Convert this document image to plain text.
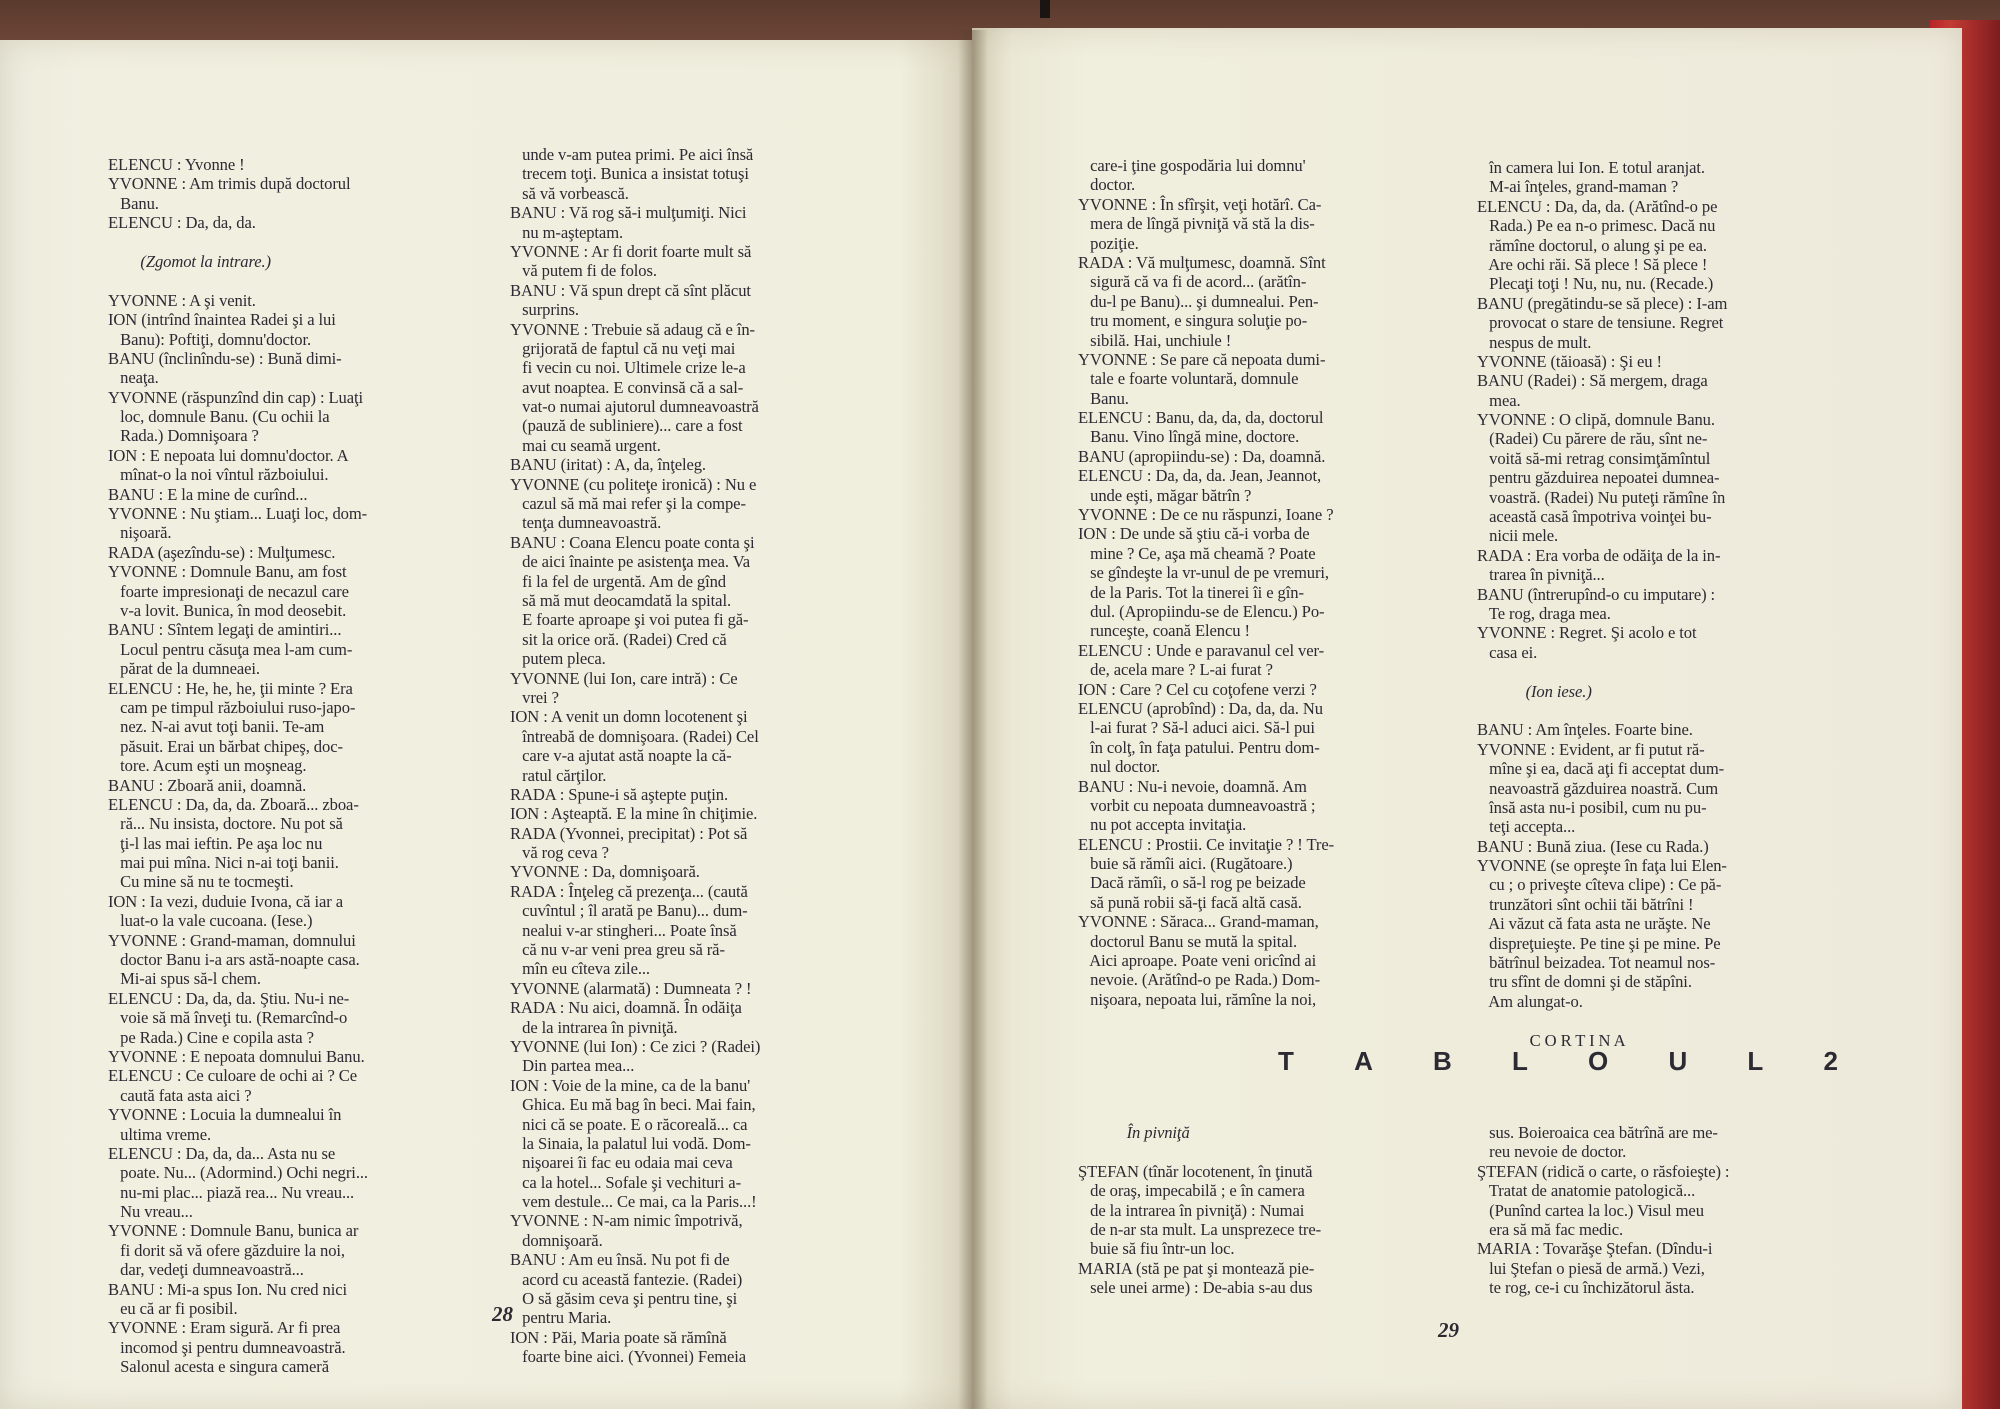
ELENCU : Yvonne !
YVONNE : Am trimis după doctorul
Banu.
ELENCU : Da, da, da.
(Zgomot la intrare.)
YVONNE : A şi venit.
ION (intrînd înaintea Radei şi a lui
Banu): Poftiţi, domnu'doctor.
BANU (înclinîndu-se) : Bună dimi-
neaţa.
YVONNE (răspunzînd din cap) : Luaţi
loc, domnule Banu. (Cu ochii la
Rada.) Domnişoara ?
ION : E nepoata lui domnu'doctor. A
mînat-o la noi vîntul războiului.
BANU : E la mine de curînd...
YVONNE : Nu ştiam... Luaţi loc, dom-
nişoară.
RADA (aşezîndu-se) : Mulţumesc.
YVONNE : Domnule Banu, am fost
foarte impresionaţi de necazul care
v-a lovit. Bunica, în mod deosebit.
BANU : Sîntem legaţi de amintiri...
Locul pentru căsuţa mea l-am cum-
părat de la dumneaei.
ELENCU : He, he, he, ţii minte ? Era
cam pe timpul războiului ruso-japo-
nez. N-ai avut toţi banii. Te-am
păsuit. Erai un bărbat chipeş, doc-
tore. Acum eşti un moşneag.
BANU : Zboară anii, doamnă.
ELENCU : Da, da, da. Zboară... zboa-
ră... Nu insista, doctore. Nu pot să
ţi-l las mai ieftin. Pe aşa loc nu
mai pui mîna. Nici n-ai toţi banii.
Cu mine să nu te tocmeşti.
ION : Ia vezi, duduie Ivona, că iar a
luat-o la vale cucoana. (Iese.)
YVONNE : Grand-maman, domnului
doctor Banu i-a ars astă-noapte casa.
Mi-ai spus să-l chem.
ELENCU : Da, da, da. Ştiu. Nu-i ne-
voie să mă înveţi tu. (Remarcînd-o
pe Rada.) Cine e copila asta ?
YVONNE : E nepoata domnului Banu.
ELENCU : Ce culoare de ochi ai ? Ce
caută fata asta aici ?
YVONNE : Locuia la dumnealui în
ultima vreme.
ELENCU : Da, da, da... Asta nu se
poate. Nu... (Adormind.) Ochi negri...
nu-mi plac... piază rea... Nu vreau...
Nu vreau...
YVONNE : Domnule Banu, bunica ar
fi dorit să vă ofere găzduire la noi,
dar, vedeţi dumneavoastră...
BANU : Mi-a spus Ion. Nu cred nici
eu că ar fi posibil.
YVONNE : Eram sigură. Ar fi prea
incomod şi pentru dumneavoastră.
Salonul acesta e singura cameră
unde v-am putea primi. Pe aici însă
trecem toţi. Bunica a insistat totuşi
să vă vorbească.
BANU : Vă rog să-i mulţumiţi. Nici
nu m-aşteptam.
YVONNE : Ar fi dorit foarte mult să
vă putem fi de folos.
BANU : Vă spun drept că sînt plăcut
surprins.
YVONNE : Trebuie să adaug că e în-
grijorată de faptul că nu veţi mai
fi vecin cu noi. Ultimele crize le-a
avut noaptea. E convinsă că a sal-
vat-o numai ajutorul dumneavoastră
(pauză de subliniere)... care a fost
mai cu seamă urgent.
BANU (iritat) : A, da, înţeleg.
YVONNE (cu politeţe ironică) : Nu e
cazul să mă mai refer şi la compe-
tenţa dumneavoastră.
BANU : Coana Elencu poate conta şi
de aici înainte pe asistenţa mea. Va
fi la fel de urgentă. Am de gînd
să mă mut deocamdată la spital.
E foarte aproape şi voi putea fi gă-
sit la orice oră. (Radei) Cred că
putem pleca.
YVONNE (lui Ion, care intră) : Ce
vrei ?
ION : A venit un domn locotenent şi
întreabă de domnişoara. (Radei) Cel
care v-a ajutat astă noapte la că-
ratul cărţilor.
RADA : Spune-i să aştepte puţin.
ION : Aşteaptă. E la mine în chiţimie.
RADA (Yvonnei, precipitat) : Pot să
vă rog ceva ?
YVONNE : Da, domnişoară.
RADA : Înţeleg că prezenţa... (caută
cuvîntul ; îl arată pe Banu)... dum-
nealui v-ar stingheri... Poate însă
că nu v-ar veni prea greu să ră-
mîn eu cîteva zile...
YVONNE (alarmată) : Dumneata ? !
RADA : Nu aici, doamnă. În odăiţa
de la intrarea în pivniţă.
YVONNE (lui Ion) : Ce zici ? (Radei)
Din partea mea...
ION : Voie de la mine, ca de la banu'
Ghica. Eu mă bag în beci. Mai fain,
nici că se poate. E o răcoreală... ca
la Sinaia, la palatul lui vodă. Dom-
nişoarei îi fac eu odaia mai ceva
ca la hotel... Sofale şi vechituri a-
vem destule... Ce mai, ca la Paris...!
YVONNE : N-am nimic împotrivă,
domnişoară.
BANU : Am eu însă. Nu pot fi de
acord cu această fantezie. (Radei)
O să găsim ceva şi pentru tine, şi
pentru Maria.
ION : Păi, Maria poate să rămînă
foarte bine aici. (Yvonnei) Femeia
28
care-i ţine gospodăria lui domnu'
doctor.
YVONNE : În sfîrşit, veţi hotărî. Ca-
mera de lîngă pivniţă vă stă la dis-
poziţie.
RADA : Vă mulţumesc, doamnă. Sînt
sigură că va fi de acord... (arătîn-
du-l pe Banu)... şi dumnealui. Pen-
tru moment, e singura soluţie po-
sibilă. Hai, unchiule !
YVONNE : Se pare că nepoata dumi-
tale e foarte voluntară, domnule
Banu.
ELENCU : Banu, da, da, da, doctorul
Banu. Vino lîngă mine, doctore.
BANU (apropiindu-se) : Da, doamnă.
ELENCU : Da, da, da. Jean, Jeannot,
unde eşti, măgar bătrîn ?
YVONNE : De ce nu răspunzi, Ioane ?
ION : De unde să ştiu că-i vorba de
mine ? Ce, aşa mă cheamă ? Poate
se gîndeşte la vr-unul de pe vremuri,
de la Paris. Tot la tinerei îi e gîn-
dul. (Apropiindu-se de Elencu.) Po-
runceşte, coană Elencu !
ELENCU : Unde e paravanul cel ver-
de, acela mare ? L-ai furat ?
ION : Care ? Cel cu coţofene verzi ?
ELENCU (aprobînd) : Da, da, da. Nu
l-ai furat ? Să-l aduci aici. Să-l pui
în colţ, în faţa patului. Pentru dom-
nul doctor.
BANU : Nu-i nevoie, doamnă. Am
vorbit cu nepoata dumneavoastră ;
nu pot accepta invitaţia.
ELENCU : Prostii. Ce invitaţie ? ! Tre-
buie să rămîi aici. (Rugătoare.)
Dacă rămîi, o să-l rog pe beizade
să pună robii să-ţi facă altă casă.
YVONNE : Săraca... Grand-maman,
doctorul Banu se mută la spital.
Aici aproape. Poate veni oricînd ai
nevoie. (Arătînd-o pe Rada.) Dom-
nişoara, nepoata lui, rămîne la noi,
în camera lui Ion. E totul aranjat.
M-ai înţeles, grand-maman ?
ELENCU : Da, da, da. (Arătînd-o pe
Rada.) Pe ea n-o primesc. Dacă nu
rămîne doctorul, o alung şi pe ea.
Are ochi răi. Să plece ! Să plece !
Plecaţi toţi ! Nu, nu, nu. (Recade.)
BANU (pregătindu-se să plece) : I-am
provocat o stare de tensiune. Regret
nespus de mult.
YVONNE (tăioasă) : Şi eu !
BANU (Radei) : Să mergem, draga
mea.
YVONNE : O clipă, domnule Banu.
(Radei) Cu părere de rău, sînt ne-
voită să-mi retrag consimţămîntul
pentru găzduirea nepoatei dumnea-
voastră. (Radei) Nu puteţi rămîne în
această casă împotriva voinţei bu-
nicii mele.
RADA : Era vorba de odăiţa de la in-
trarea în pivniţă...
BANU (întrerupînd-o cu imputare) :
Te rog, draga mea.
YVONNE : Regret. Şi acolo e tot
casa ei.
(Ion iese.)
BANU : Am înţeles. Foarte bine.
YVONNE : Evident, ar fi putut ră-
mîne şi ea, dacă aţi fi acceptat dum-
neavoastră găzduirea noastră. Cum
însă asta nu-i posibil, cum nu pu-
teţi accepta...
BANU : Bună ziua. (Iese cu Rada.)
YVONNE (se opreşte în faţa lui Elen-
cu ; o priveşte cîteva clipe) : Ce pă-
trunzători sînt ochii tăi bătrîni !
Ai văzut că fata asta ne urăşte. Ne
dispreţuieşte. Pe tine şi pe mine. Pe
bătrînul beizadea. Tot neamul nos-
tru sfînt de domni şi de stăpîni.
Am alungat-o.
C O R T I N A
În pivniţă
ŞTEFAN (tînăr locotenent, în ţinută
de oraş, impecabilă ; e în camera
de la intrarea în pivniţă) : Numai
de n-ar sta mult. La unsprezece tre-
buie să fiu într-un loc.
MARIA (stă pe pat şi montează pie-
sele unei arme) : De-abia s-au dus
sus. Boieroaica cea bătrînă are me-
reu nevoie de doctor.
ŞTEFAN (ridică o carte, o răsfoieşte) :
Tratat de anatomie patologică...
(Punînd cartea la loc.) Visul meu
era să mă fac medic.
MARIA : Tovarăşe Ştefan. (Dîndu-i
lui Ştefan o piesă de armă.) Vezi,
te rog, ce-i cu închizătorul ăsta.
29
T A B L O U L 2
